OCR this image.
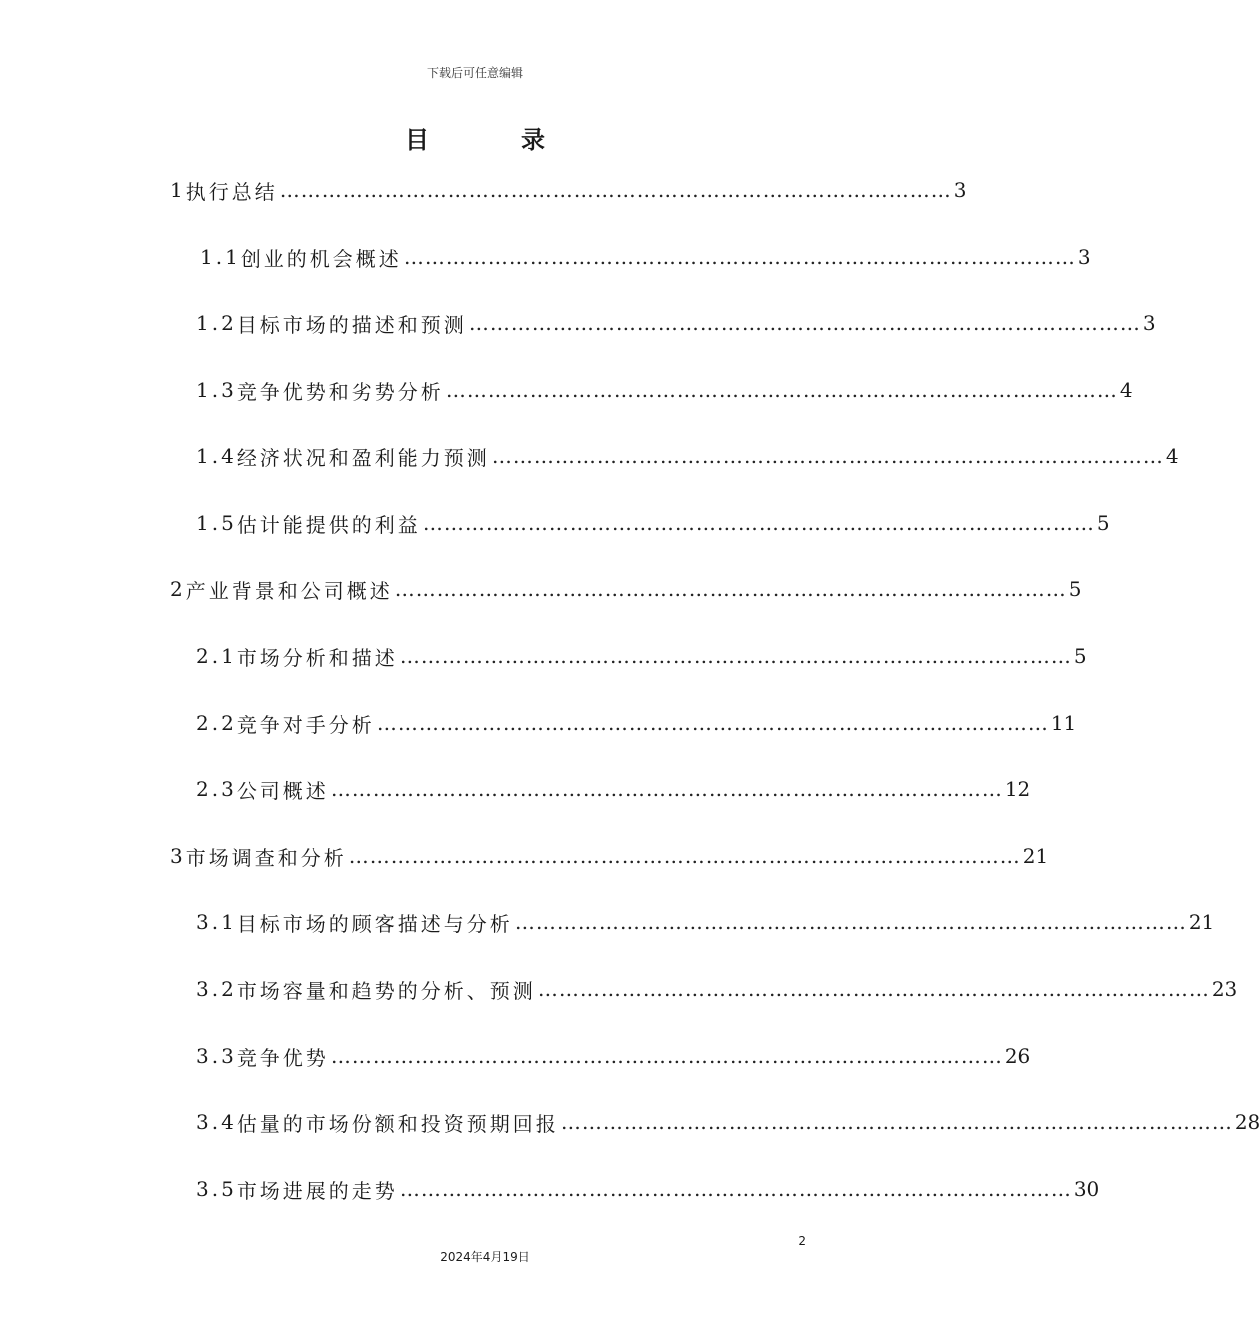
下载后可任意编辑
目	录
1 执行总结 …………………………………………………………………………………… 3
1.1 创业的机会概述 …………………………………………………………………………………… 3
1.2 目标市场的描述和预测 …………………………………………………………………………………… 3
1.3 竞争优势和劣势分析 …………………………………………………………………………………… 4
1.4 经济状况和盈利能力预测 …………………………………………………………………………………… 4
1.5 估计能提供的利益 …………………………………………………………………………………… 5
2 产业背景和公司概述 …………………………………………………………………………………… 5
2.1 市场分析和描述 …………………………………………………………………………………… 5
2.2 竞争对手分析 …………………………………………………………………………………… 11
2.3 公司概述 …………………………………………………………………………………… 12
3 市场调查和分析 …………………………………………………………………………………… 21
3.1 目标市场的顾客描述与分析 …………………………………………………………………………………… 21
3.2 市场容量和趋势的分析、预测 …………………………………………………………………………………… 23
3.3 竞争优势 …………………………………………………………………………………… 26
3.4 估量的市场份额和投资预期回报 …………………………………………………………………………………… 28
3.5 市场进展的走势 …………………………………………………………………………………… 30
2
2024年4月19日
